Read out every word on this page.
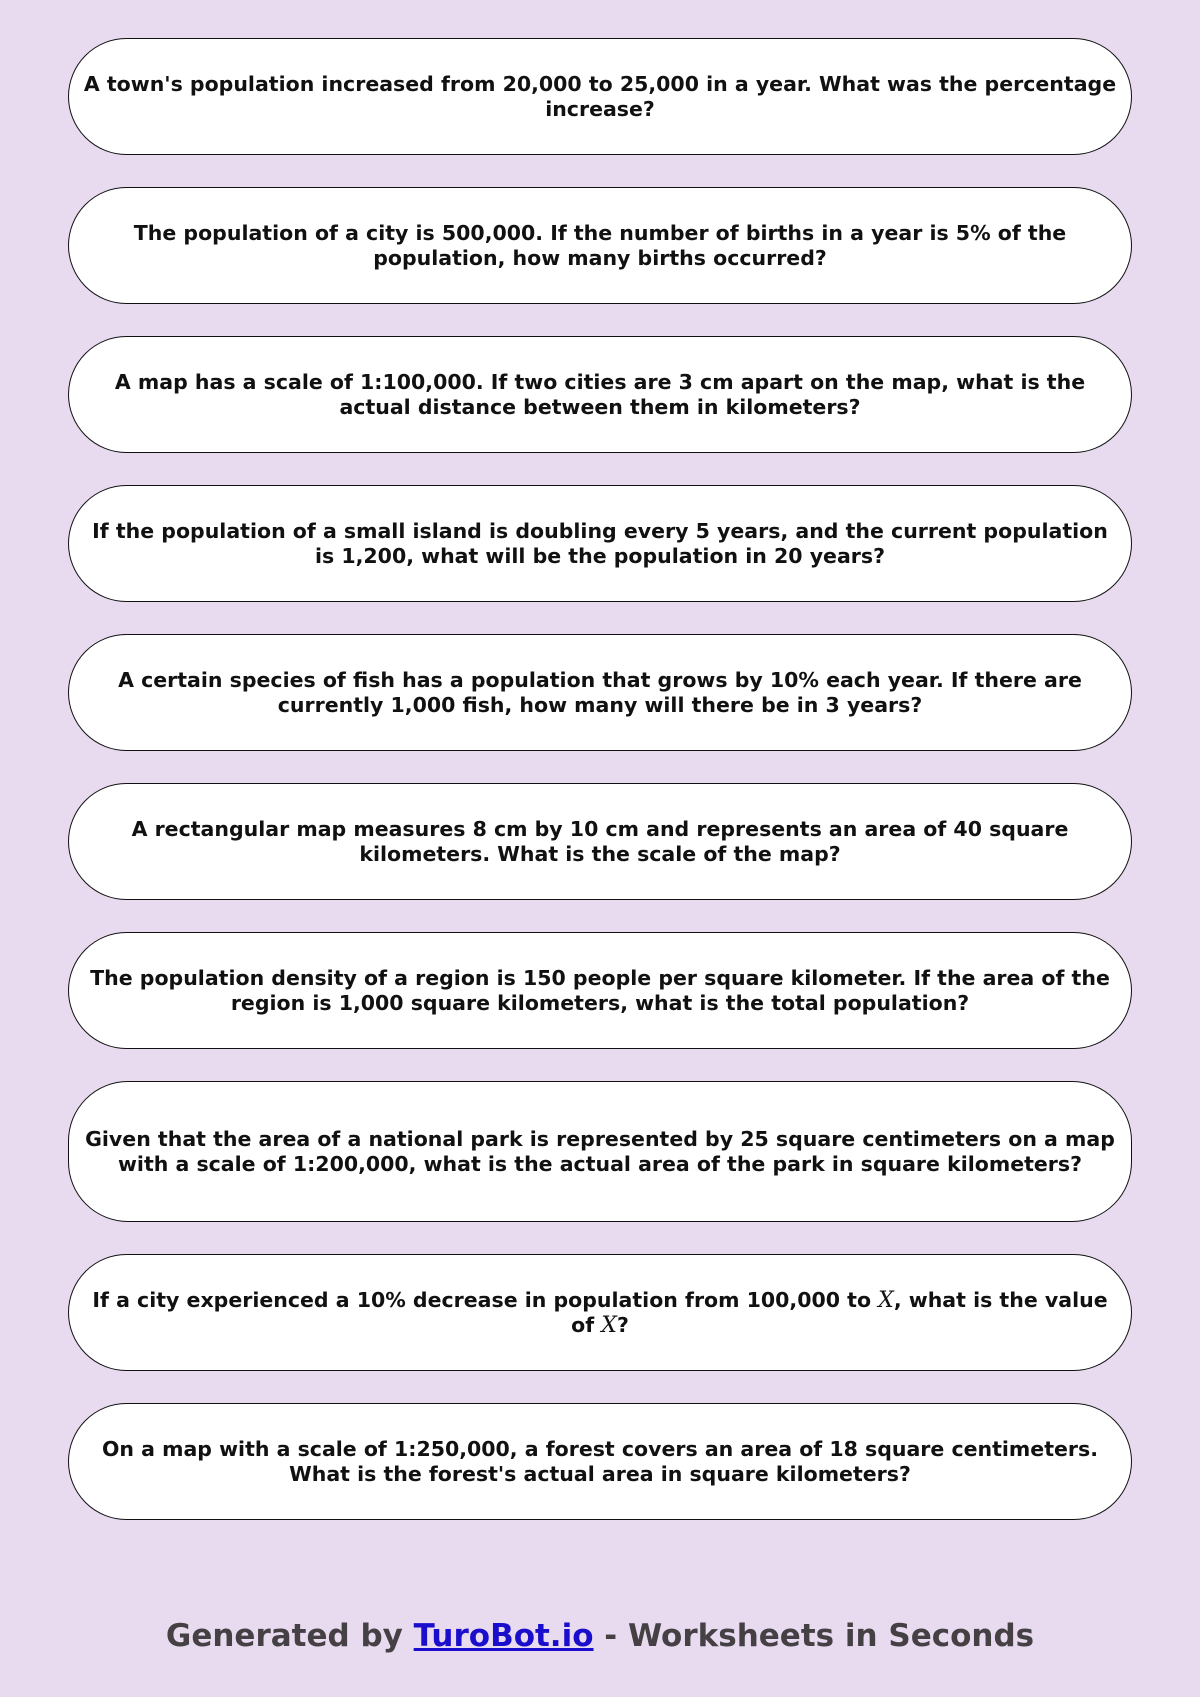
A town's population increased from 20,000 to 25,000 in a year. What was the percentage increase?

The population of a city is 500,000. If the number of births in a year is 5% of the population, how many births occurred?

A map has a scale of 1:100,000. If two cities are 3 cm apart on the map, what is the actual distance between them in kilometers?

If the population of a small island is doubling every 5 years, and the current population is 1,200, what will be the population in 20 years?

A certain species of fish has a population that grows by 10% each year. If there are currently 1,000 fish, how many will there be in 3 years?

A rectangular map measures 8 cm by 10 cm and represents an area of 40 square kilometers. What is the scale of the map?

The population density of a region is 150 people per square kilometer. If the area of the region is 1,000 square kilometers, what is the total population?

Given that the area of a national park is represented by 25 square centimeters on a map with a scale of 1:200,000, what is the actual area of the park in square kilometers?

If a city experienced a 10% decrease in population from 100,000 to X, what is the value of X?

On a map with a scale of 1:250,000, a forest covers an area of 18 square centimeters. What is the forest's actual area in square kilometers?

Generated by TuroBot.io - Worksheets in Seconds
